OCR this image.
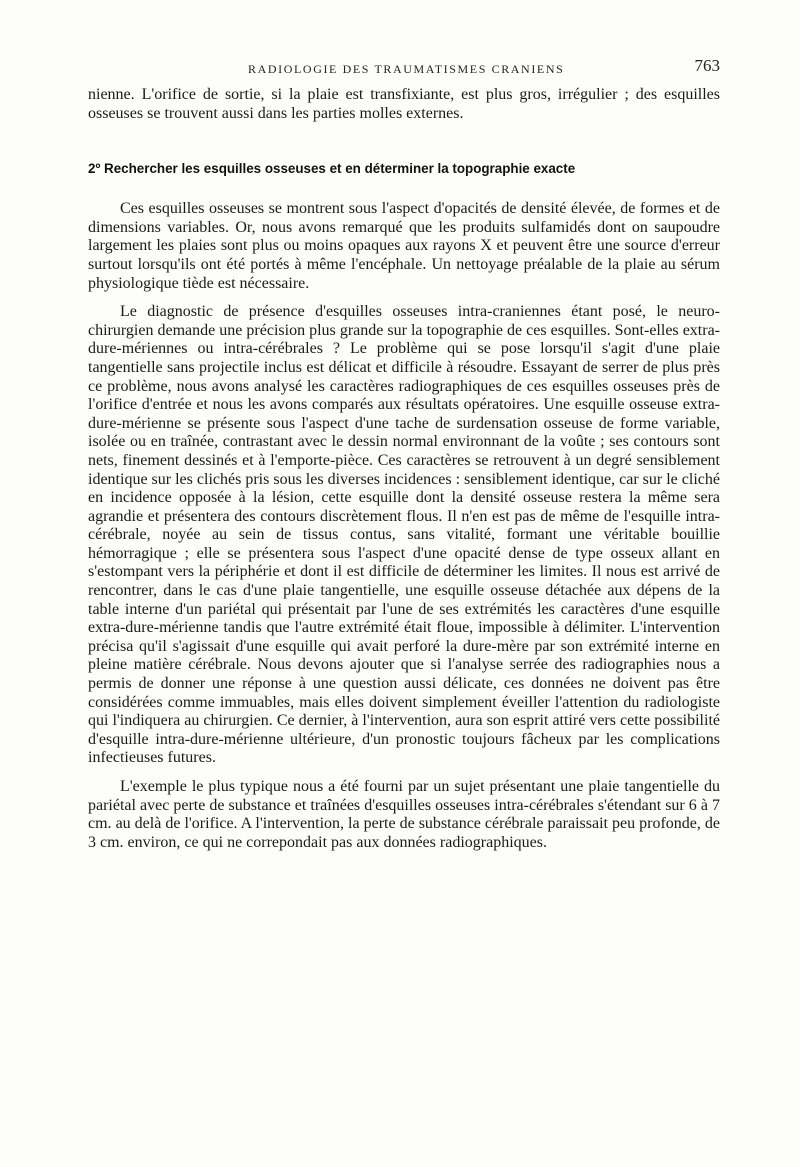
RADIOLOGIE DES TRAUMATISMES CRANIENS	763

nienne. L'orifice de sortie, si la plaie est transfixiante, est plus gros, irrégulier ; des esquilles osseuses se trouvent aussi dans les parties molles externes.

2º Rechercher les esquilles osseuses et en déterminer la topographie exacte

Ces esquilles osseuses se montrent sous l'aspect d'opacités de densité élevée, de formes et de dimensions variables. Or, nous avons remarqué que les produits sulfamidés dont on saupoudre largement les plaies sont plus ou moins opaques aux rayons X et peuvent être une source d'erreur surtout lorsqu'ils ont été portés à même l'encéphale. Un nettoyage préalable de la plaie au sérum physiologique tiède est nécessaire.

Le diagnostic de présence d'esquilles osseuses intra-craniennes étant posé, le neuro-chirurgien demande une précision plus grande sur la topographie de ces esquilles. Sont-elles extra-dure-mériennes ou intra-cérébrales ? Le problème qui se pose lorsqu'il s'agit d'une plaie tangentielle sans projectile inclus est délicat et difficile à résoudre. Essayant de serrer de plus près ce problème, nous avons analysé les caractères radiographiques de ces esquilles osseuses près de l'orifice d'entrée et nous les avons comparés aux résultats opératoires. Une esquille osseuse extra-dure-mérienne se présente sous l'aspect d'une tache de surdensation osseuse de forme variable, isolée ou en traînée, contrastant avec le dessin normal environnant de la voûte ; ses contours sont nets, finement dessinés et à l'emporte-pièce. Ces caractères se retrouvent à un degré sensiblement identique sur les clichés pris sous les diverses incidences : sensiblement identique, car sur le cliché en incidence opposée à la lésion, cette esquille dont la densité osseuse restera la même sera agrandie et présentera des contours discrètement flous. Il n'en est pas de même de l'esquille intra-cérébrale, noyée au sein de tissus contus, sans vitalité, formant une véritable bouillie hémorragique ; elle se présentera sous l'aspect d'une opacité dense de type osseux allant en s'estompant vers la périphérie et dont il est difficile de déterminer les limites. Il nous est arrivé de rencontrer, dans le cas d'une plaie tangentielle, une esquille osseuse détachée aux dépens de la table interne d'un pariétal qui présentait par l'une de ses extrémités les caractères d'une esquille extra-dure-mérienne tandis que l'autre extrémité était floue, impossible à délimiter. L'intervention précisa qu'il s'agissait d'une esquille qui avait perforé la dure-mère par son extrémité interne en pleine matière cérébrale. Nous devons ajouter que si l'analyse serrée des radiographies nous a permis de donner une réponse à une question aussi délicate, ces données ne doivent pas être considérées comme immuables, mais elles doivent simplement éveiller l'attention du radiologiste qui l'indiquera au chirurgien. Ce dernier, à l'intervention, aura son esprit attiré vers cette possibilité d'esquille intra-dure-mérienne ultérieure, d'un pronostic toujours fâcheux par les complications infectieuses futures.

L'exemple le plus typique nous a été fourni par un sujet présentant une plaie tangentielle du pariétal avec perte de substance et traînées d'esquilles osseuses intra-cérébrales s'étendant sur 6 à 7 cm. au delà de l'orifice. A l'intervention, la perte de substance cérébrale paraissait peu profonde, de 3 cm. environ, ce qui ne correpondait pas aux données radiographiques.
